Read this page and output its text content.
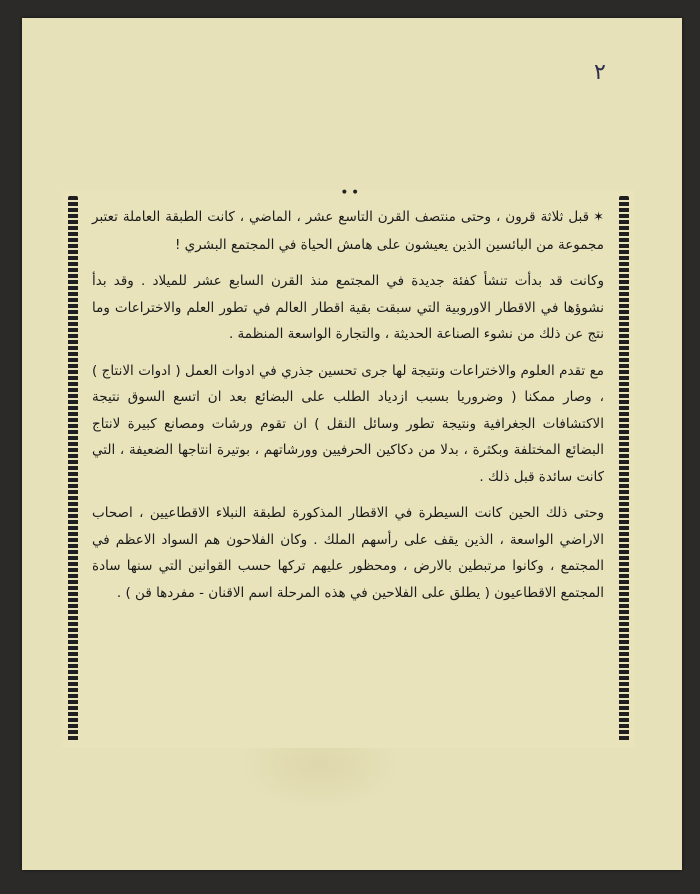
٢
∙∙

✶قبل ثلاثة قرون ، وحتى منتصف القرن التاسع عشر ، الماضي ، كانت الطبقة العاملة تعتبر مجموعة من البائسين الذين يعيشون على هامش الحياة في المجتمع البشري !

وكانت قد بدأت تنشأ كفئة جديدة في المجتمع منذ القرن السابع عشر للميلاد . وقد بدأ نشوؤها في الاقطار الاوروبية التي سبقت بقية اقطار العالم في تطور العلم والاختراعات وما نتج عن ذلك من نشوء الصناعة الحديثة ، والتجارة الواسعة المنظمة .

مع تقدم العلوم والاختراعات ونتيجة لها جرى تحسين جذري في ادوات العمل ( ادوات الانتاج ) ، وصار ممكنا ( وضروريا بسبب ازدياد الطلب على البضائع بعد ان اتسع السوق نتيجة الاكتشافات الجغرافية ونتيجة تطور وسائل النقل ) ان تقوم ورشات ومصانع كبيرة لانتاج البضائع المختلفة وبكثرة ، بدلا من دكاكين الحرفيين وورشاتهم ، بوتيرة انتاجها الضعيفة ، التي كانت سائدة قبل ذلك .

وحتى ذلك الحين كانت السيطرة في الاقطار المذكورة لطبقة النبلاء الاقطاعيين ، اصحاب الاراضي الواسعة ، الذين يقف على رأسهم الملك . وكان الفلاحون هم السواد الاعظم في المجتمع ، وكانوا مرتبطين بالارض ، ومحظور عليهم تركها حسب القوانين التي سنها سادة المجتمع الاقطاعيون ( يطلق على الفلاحين في هذه المرحلة اسم الاقنان - مفردها قن ) .
